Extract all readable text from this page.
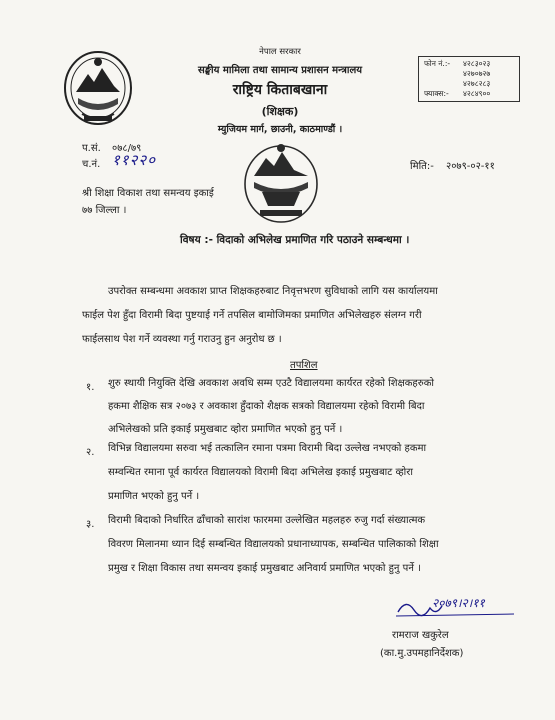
नेपाल सरकार
सङ्घीय मामिला तथा सामान्य प्रशासन मन्त्रालय
राष्ट्रिय किताबखाना
(शिक्षक)
म्युजियम मार्ग, छाउनी, काठमाण्डौं ।
फोन नं.:- ४२८३०२३
४२७०७२७
४२७८२८३
फ्याक्स:- ४२८४९००
प.सं. ०७८/७९
च.नं. ११२२०	मिति:- २०७९-०२-११
श्री शिक्षा विकाश तथा समन्वय इकाई
७७ जिल्ला ।
विषय :- विदाको अभिलेख प्रमाणित गरि पठाउने सम्बन्धमा ।
उपरोक्त सम्बन्धमा अवकाश प्राप्त शिक्षकहरुबाट निवृत्तभरण सुविधाको लागि यस कार्यालयमा
फाईल पेश हुँदा विरामी बिदा पुष्टयाई गर्ने तपसिल बामोजिमका प्रमाणित अभिलेखहरु संलग्न गरी
फाईलसाथ पेश गर्ने व्यवस्था गर्नु गराउनु हुन अनुरोध छ ।
तपशिल
१. शुरु स्थायी नियुक्ति देखि अवकाश अवधि सम्म एउटै विद्यालयमा कार्यरत रहेको शिक्षकहरुको
हकमा शैक्षिक सत्र २०७३ र अवकाश हुँदाको शैक्षक सत्रको विद्यालयमा रहेको विरामी बिदा
अभिलेखको प्रति इकाई प्रमुखबाट व्होरा प्रमाणित भएको हुनु पर्ने ।
२. विभिन्न विद्यालयमा सरुवा भई तत्कालिन रमाना पत्रमा विरामी बिदा उल्लेख नभएको हकमा
सम्वन्धित रमाना पूर्व कार्यरत विद्यालयको विरामी बिदा अभिलेख इकाई प्रमुखबाट व्होरा
प्रमाणित भएको हुनु पर्ने ।
३. विरामी बिदाको निर्धारित ढाँचाको सारांश फारममा उल्लेखित महलहरु रुजु गर्दा संख्यात्मक
विवरण मिलानमा ध्यान दिई सम्बन्धित विद्यालयको प्रधानाध्यापक, सम्बन्धित पालिकाको शिक्षा
प्रमुख र शिक्षा विकास तथा समन्वय इकाई प्रमुखबाट अनिवार्य प्रमाणित भएको हुनु पर्ने ।
२०७९।२।११
रामराज खकुरेल
(का.मु.उपमहानिर्देशक)
